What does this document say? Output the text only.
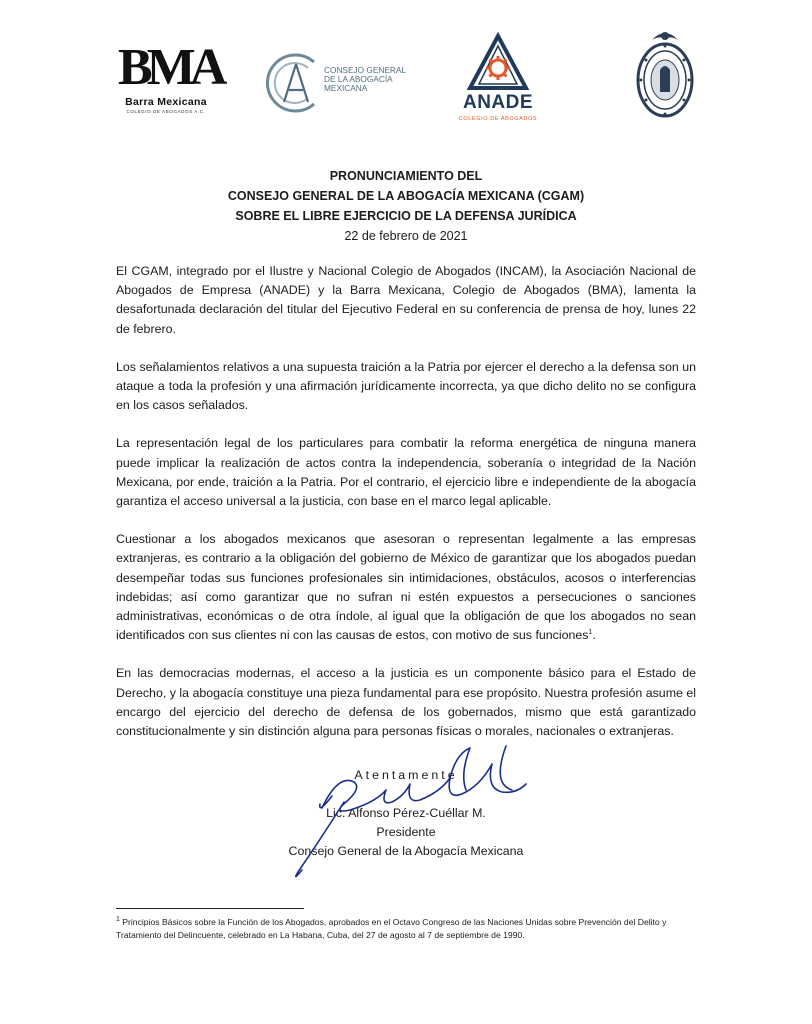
BMA
Barra Mexicana
COLEGIO DE ABOGADOS A.C.
CONSEJO GENERAL
DE LA ABOGACÍA
MEXICANA
ANADE
COLEGIO DE ABOGADOS
PRONUNCIAMIENTO DEL
CONSEJO GENERAL DE LA ABOGACÍA MEXICANA (CGAM)
SOBRE EL LIBRE EJERCICIO DE LA DEFENSA JURÍDICA
22 de febrero de 2021

El CGAM, integrado por el Ilustre y Nacional Colegio de Abogados (INCAM), la Asociación Nacional de Abogados de Empresa (ANADE) y la Barra Mexicana, Colegio de Abogados (BMA), lamenta la desafortunada declaración del titular del Ejecutivo Federal en su conferencia de prensa de hoy, lunes 22 de febrero.

Los señalamientos relativos a una supuesta traición a la Patria por ejercer el derecho a la defensa son un ataque a toda la profesión y una afirmación jurídicamente incorrecta, ya que dicho delito no se configura en los casos señalados.

La representación legal de los particulares para combatir la reforma energética de ninguna manera puede implicar la realización de actos contra la independencia, soberanía o integridad de la Nación Mexicana, por ende, traición a la Patria. Por el contrario, el ejercicio libre e independiente de la abogacía garantiza el acceso universal a la justicia, con base en el marco legal aplicable.

Cuestionar a los abogados mexicanos que asesoran o representan legalmente a las empresas extranjeras, es contrario a la obligación del gobierno de México de garantizar que los abogados puedan desempeñar todas sus funciones profesionales sin intimidaciones, obstáculos, acosos o interferencias indebidas; así como garantizar que no sufran ni estén expuestos a persecuciones o sanciones administrativas, económicas o de otra índole, al igual que la obligación de que los abogados no sean identificados con sus clientes ni con las causas de estos, con motivo de sus funciones$^1$.

En las democracias modernas, el acceso a la justicia es un componente básico para el Estado de Derecho, y la abogacía constituye una pieza fundamental para ese propósito. Nuestra profesión asume el encargo del ejercicio del derecho de defensa de los gobernados, mismo que está garantizado constitucionalmente y sin distinción alguna para personas físicas o morales, nacionales o extranjeras.

Atentamente
Lic. Alfonso Pérez-Cuéllar M.
Presidente
Consejo General de la Abogacía Mexicana
$^1$ Principios Básicos sobre la Función de los Abogados, aprobados en el Octavo Congreso de las Naciones Unidas sobre Prevención del Delito y Tratamiento del Delincuente, celebrado en La Habana, Cuba, del 27 de agosto al 7 de septiembre de 1990.
